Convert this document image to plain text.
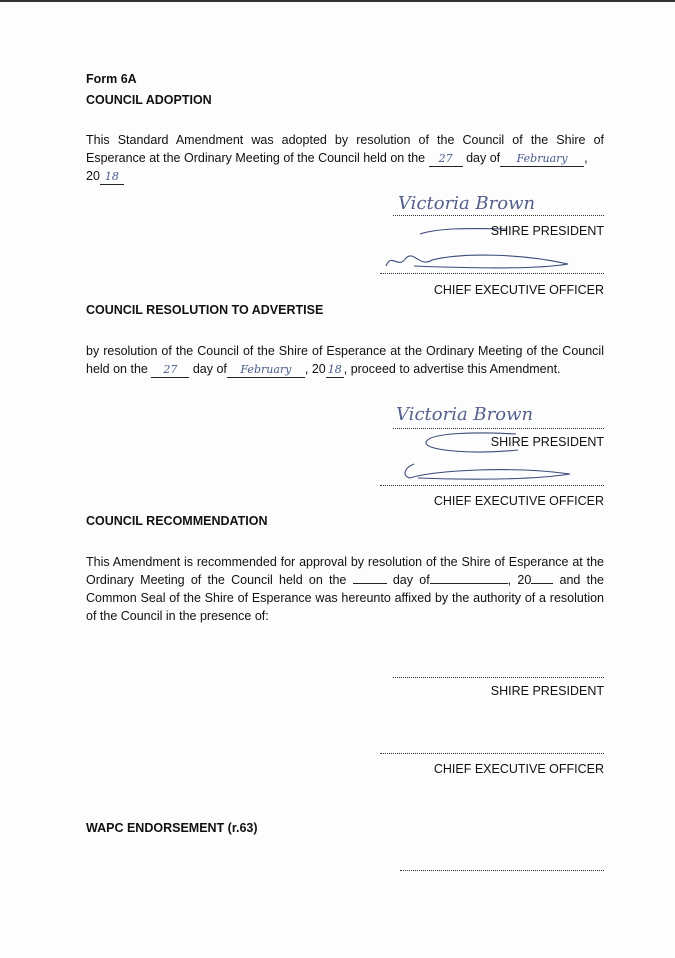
Form 6A
COUNCIL ADOPTION
This Standard Amendment was adopted by resolution of the Council of the Shire of Esperance at the Ordinary Meeting of the Council held on the 27 day of February ,
20 18
Victoria Brown
SHIRE PRESIDENT
CHIEF EXECUTIVE OFFICER
COUNCIL RESOLUTION TO ADVERTISE
by resolution of the Council of the Shire of Esperance at the Ordinary Meeting of the Council held on the 27 day of February , 20 18 , proceed to advertise this Amendment.
Victoria Brown
SHIRE PRESIDENT
CHIEF EXECUTIVE OFFICER
COUNCIL RECOMMENDATION
This Amendment is recommended for approval by resolution of the Shire of Esperance at the Ordinary Meeting of the Council held on the	day of	, 20 and the Common Seal of the Shire of Esperance was hereunto affixed by the authority of a resolution of the Council in the presence of:
SHIRE PRESIDENT
CHIEF EXECUTIVE OFFICER
WAPC ENDORSEMENT (r.63)
